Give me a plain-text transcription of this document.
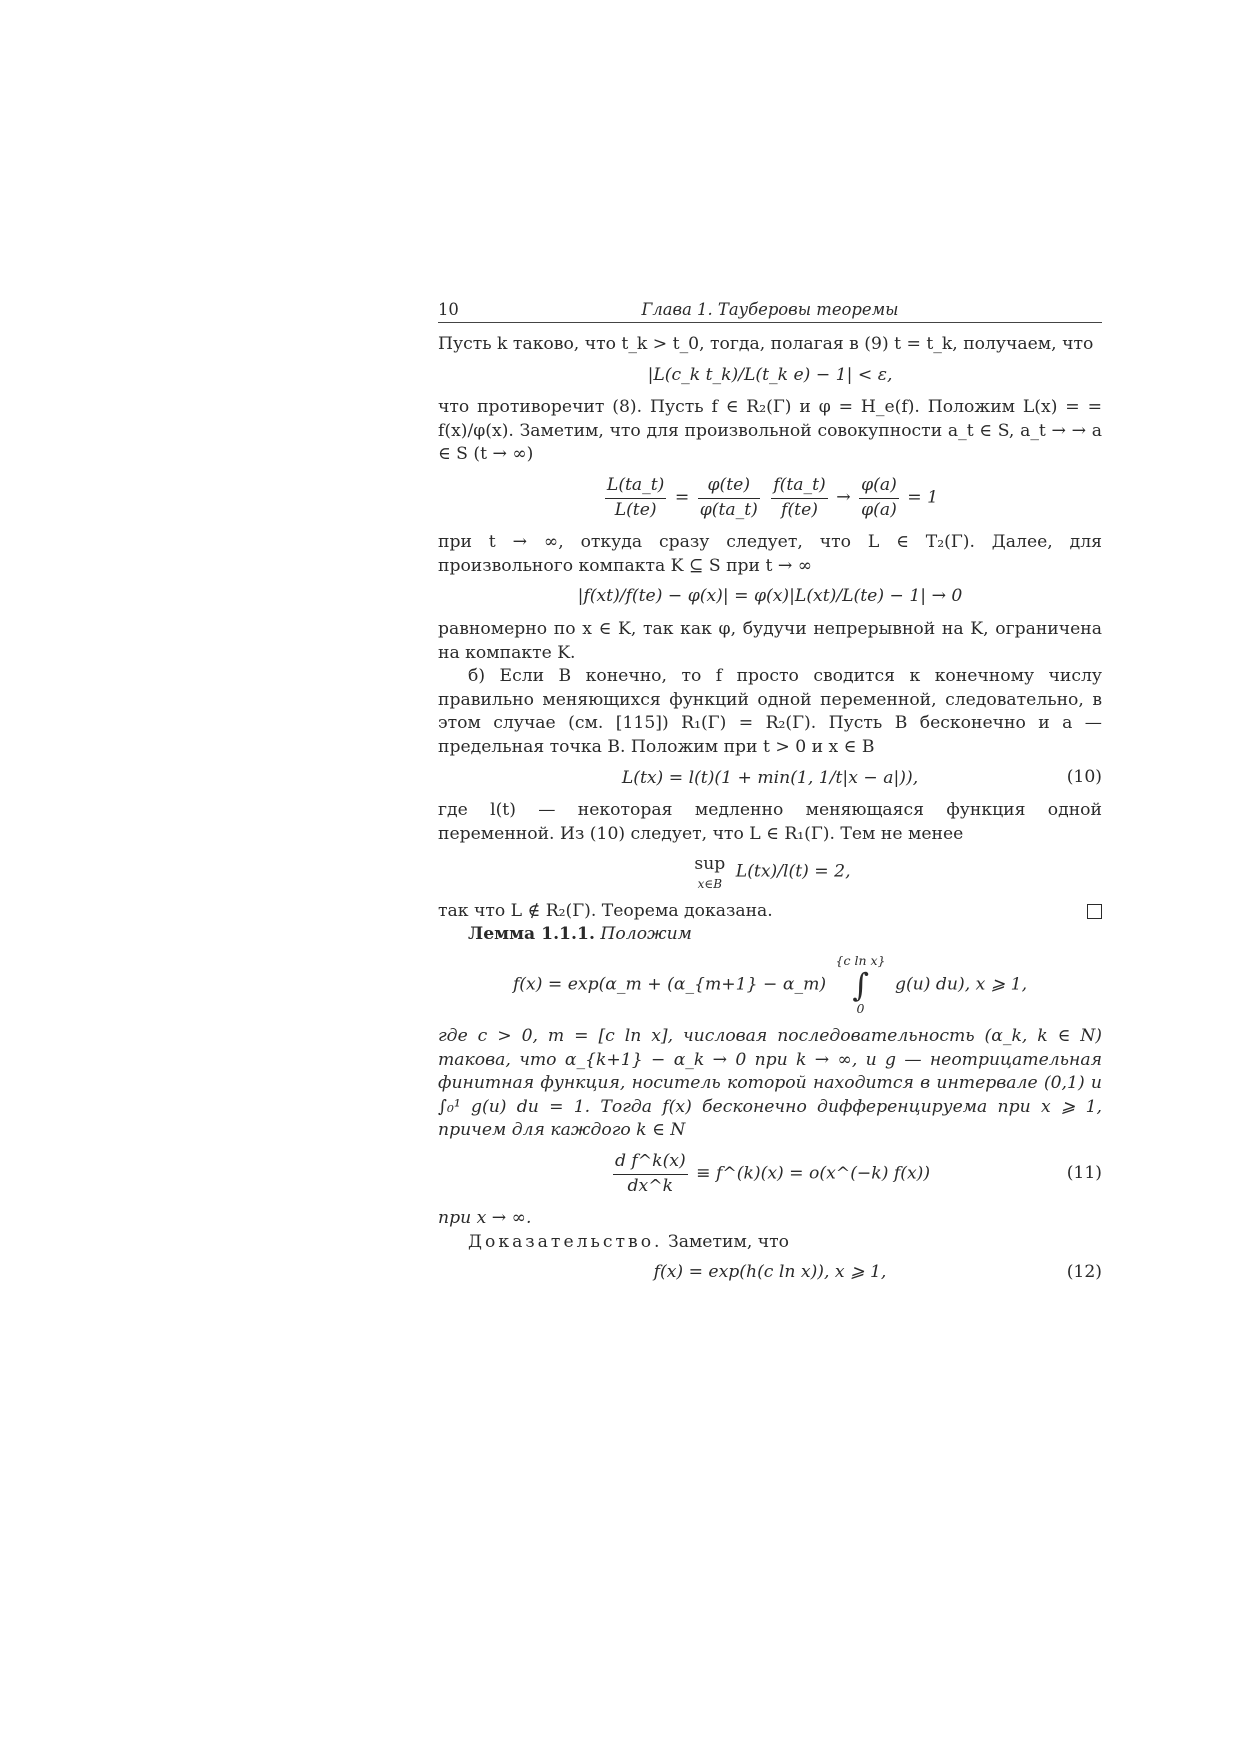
10	Глава 1. Тауберовы теоремы

Пусть k таково, что t_k > t_0, тогда, полагая в (9) t = t_k, получаем, что

|L(c_k t_k)/L(t_k e) − 1| < ε,

что противоречит (8). Пусть f ∈ R₂(Γ) и φ = H_e(f). Положим L(x) = = f(x)/φ(x). Заметим, что для произвольной совокупности a_t ∈ S, a_t → → a ∈ S (t → ∞)

$\frac{L(ta\_t)}{L(te)} = \frac{\varphi(te)}{\varphi(ta\_t)}$
$\frac{f(ta\_t)}{f(te)} \to \frac{\varphi(a)}{\varphi(a)} = 1$

при t → ∞, откуда сразу следует, что L ∈ T₂(Γ). Далее, для произвольного компакта K ⊆ S при t → ∞

|f(xt)/f(te) − φ(x)| = φ(x)|L(xt)/L(te) − 1| → 0

равномерно по x ∈ K, так как φ, будучи непрерывной на K, ограничена на компакте K.

б) Если B конечно, то f просто сводится к конечному числу правильно меняющихся функций одной переменной, следовательно, в этом случае (см. [115]) R₁(Γ) = R₂(Γ). Пусть B бесконечно и a — предельная точка B. Положим при t > 0 и x ∈ B

L(tx) = l(t)(1 + min(1, 1/t|x − a|)),	(10)

где l(t) — некоторая медленно меняющаяся функция одной переменной. Из (10) следует, что L ∈ R₁(Γ). Тем не менее

sup
x∈B
L(tx)/l(t) = 2,

так что L ∉ R₂(Γ). Теорема доказана.

Лемма 1.1.1. Положим

f(x) = exp(α_m + (α_{m+1} − α_m)
{c ln x}
∫
0
g(u) du), x ⩾ 1,

где c > 0, m = [c ln x], числовая последовательность (α_k, k ∈ N) такова, что α_{k+1} − α_k → 0 при k → ∞, и g — неотрицательная финитная функция, носитель которой находится в интервале (0,1) и ∫₀¹ g(u) du = 1. Тогда f(x) бесконечно дифференцируема при x ⩾ 1, причем для каждого k ∈ N

$\frac{\text{d f\textasciicircum{}k(x)}}{dx\^{}k}$ ≡ f^(k)(x) = o(x^(−k) f(x))	(11)

при x → ∞.

Доказательство. Заметим, что

f(x) = exp(h(c ln x)), x ⩾ 1,	(12)
